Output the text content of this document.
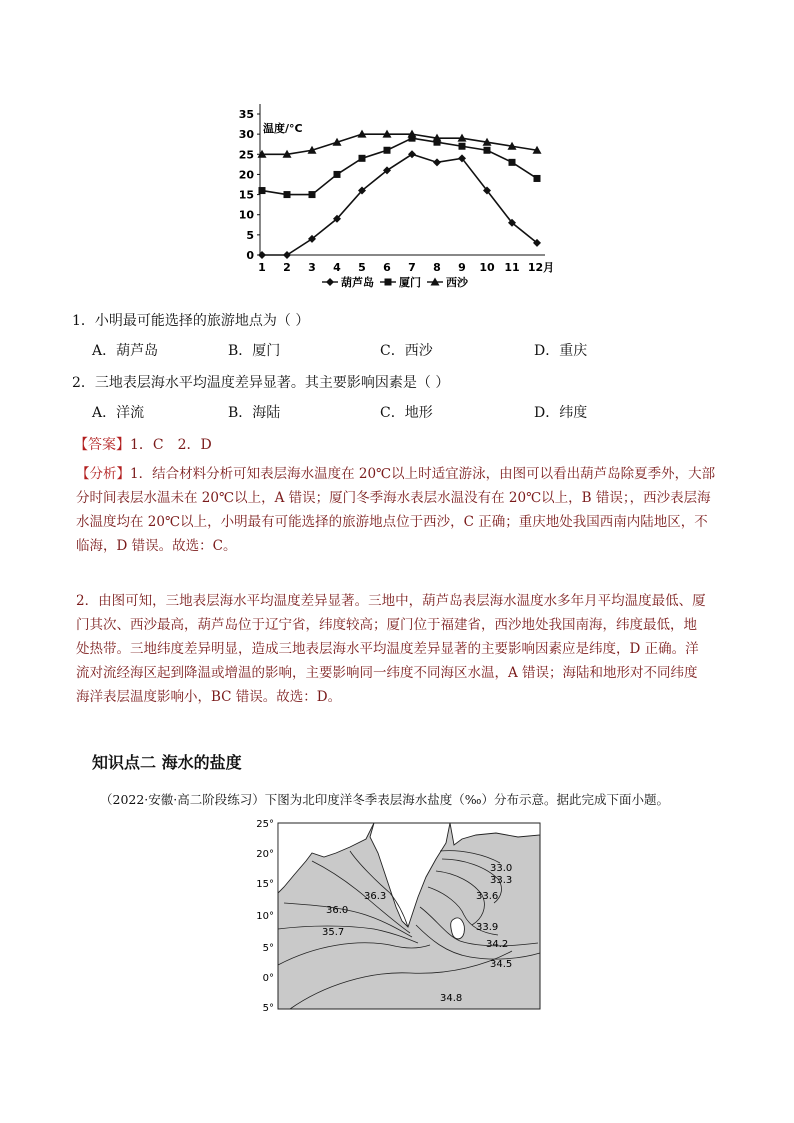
0
5
10
15
20
25
30
35
温度/°C
1 2 3 4 5 6 7 8 9 10 11 12月
葫芦岛 厦门 西沙
1．小明最可能选择的旅游地点为（ ）
A．葫芦岛	B．厦门	C．西沙	D．重庆
2．三地表层海水平均温度差异显著。其主要影响因素是（ ）
A．洋流	B．海陆	C．地形	D．纬度
【答案】1．C　2．D
【分析】1．结合材料分析可知表层海水温度在 20℃以上时适宜游泳，由图可以看出葫芦岛除夏季外，大部
分时间表层水温未在 20℃以上，A 错误；厦门冬季海水表层水温没有在 20℃以上，B 错误；，西沙表层海
水温度均在 20℃以上，小明最有可能选择的旅游地点位于西沙，C 正确；重庆地处我国西南内陆地区，不
临海，D 错误。故选：C。
2．由图可知，三地表层海水平均温度差异显著。三地中，葫芦岛表层海水温度水多年月平均温度最低、厦
门其次、西沙最高，葫芦岛位于辽宁省，纬度较高；厦门位于福建省，西沙地处我国南海，纬度最低，地
处热带。三地纬度差异明显，造成三地表层海水平均温度差异显著的主要影响因素应是纬度，D 正确。洋
流对流经海区起到降温或增温的影响，主要影响同一纬度不同海区水温，A 错误；海陆和地形对不同纬度
海洋表层温度影响小，BC 错误。故选：D。
知识点二 海水的盐度
（2022·安徽·高二阶段练习）下图为北印度洋冬季表层海水盐度（‰）分布示意。据此完成下面小题。
25°
20°
15°
10°
5°
0°
5°
36.3
36.0
35.7
33.0
33.3
33.6
33.9
34.2
34.5
34.8
